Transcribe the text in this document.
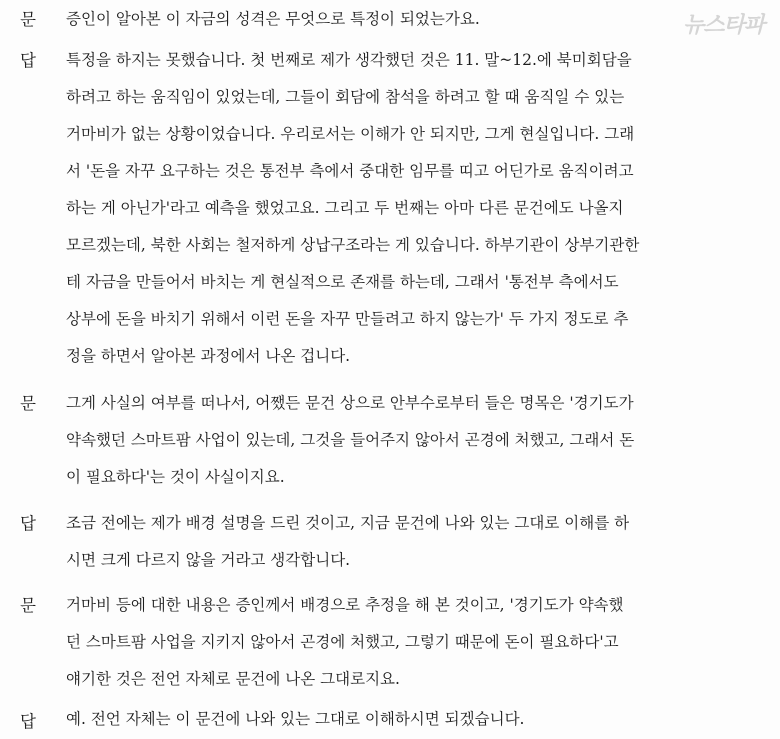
뉴스타파
문 증인이 알아본 이 자금의 성격은 무엇으로 특정이 되었는가요.
답 특정을 하지는 못했습니다. 첫 번째로 제가 생각했던 것은 11. 말~12.에 북미회담을
하려고 하는 움직임이 있었는데, 그들이 회담에 참석을 하려고 할 때 움직일 수 있는
거마비가 없는 상황이었습니다. 우리로서는 이해가 안 되지만, 그게 현실입니다. 그래
서 '돈을 자꾸 요구하는 것은 통전부 측에서 중대한 임무를 띠고 어딘가로 움직이려고
하는 게 아닌가'라고 예측을 했었고요. 그리고 두 번째는 아마 다른 문건에도 나올지
모르겠는데, 북한 사회는 철저하게 상납구조라는 게 있습니다. 하부기관이 상부기관한
테 자금을 만들어서 바치는 게 현실적으로 존재를 하는데, 그래서 '통전부 측에서도
상부에 돈을 바치기 위해서 이런 돈을 자꾸 만들려고 하지 않는가' 두 가지 정도로 추
정을 하면서 알아본 과정에서 나온 겁니다.
문 그게 사실의 여부를 떠나서, 어쨌든 문건 상으로 안부수로부터 들은 명목은 '경기도가
약속했던 스마트팜 사업이 있는데, 그것을 들어주지 않아서 곤경에 처했고, 그래서 돈
이 필요하다'는 것이 사실이지요.
답 조금 전에는 제가 배경 설명을 드린 것이고, 지금 문건에 나와 있는 그대로 이해를 하
시면 크게 다르지 않을 거라고 생각합니다.
문 거마비 등에 대한 내용은 증인께서 배경으로 추정을 해 본 것이고, '경기도가 약속했
던 스마트팜 사업을 지키지 않아서 곤경에 처했고, 그렇기 때문에 돈이 필요하다'고
얘기한 것은 전언 자체로 문건에 나온 그대로지요.
답 예. 전언 자체는 이 문건에 나와 있는 그대로 이해하시면 되겠습니다.
